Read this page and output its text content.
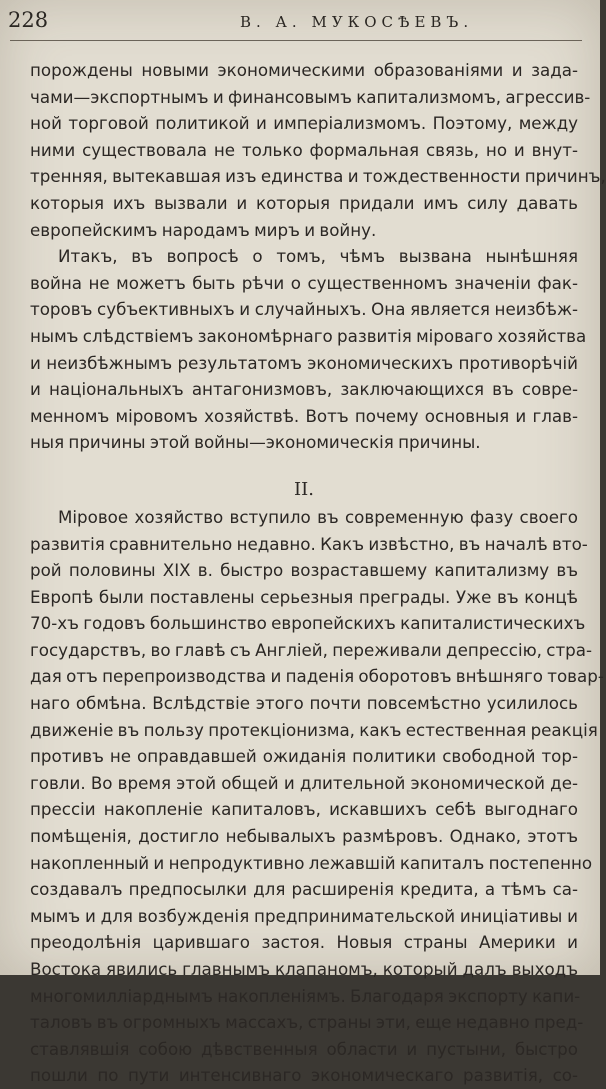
228	В. А. МУКОСѢЕВЪ.
порождены новыми экономическими образованіями и зада-
чами—экспортнымъ и финансовымъ капитализмомъ, агрессив-
ной торговой политикой и имперіализмомъ. Поэтому, между
ними существовала не только формальная связь, но и внут-
тренняя, вытекавшая изъ единства и тождественности причинъ,
которыя ихъ вызвали и которыя придали имъ силу давать
европейскимъ народамъ миръ и войну.
Итакъ, въ вопросѣ о томъ, чѣмъ вызвана нынѣшняя
война не можетъ быть рѣчи о существенномъ значеніи фак-
торовъ субъективныхъ и случайныхъ. Она является неизбѣж-
нымъ слѣдствіемъ закономѣрнаго развитія міроваго хозяйства
и неизбѣжнымъ результатомъ экономическихъ противорѣчій
и національныхъ антагонизмовъ, заключающихся въ совре-
менномъ міровомъ хозяйствѣ. Вотъ почему основныя и глав-
ныя причины этой войны—экономическія причины.
II.
Міровое хозяйство вступило въ современную фазу своего
развитія сравнительно недавно. Какъ извѣстно, въ началѣ вто-
рой половины XIX в. быстро возраставшему капитализму въ
Европѣ были поставлены серьезныя преграды. Уже въ концѣ
70-хъ годовъ большинство европейскихъ капиталистическихъ
государствъ, во главѣ съ Англіей, переживали депрессію, стра-
дая отъ перепроизводства и паденія оборотовъ внѣшняго товар-
наго обмѣна. Вслѣдствіе этого почти повсемѣстно усилилось
движеніе въ пользу протекціонизма, какъ естественная реакція
противъ не оправдавшей ожиданія политики свободной тор-
говли. Во время этой общей и длительной экономической де-
прессіи накопленіе капиталовъ, искавшихъ себѣ выгоднаго
помѣщенія, достигло небывалыхъ размѣровъ. Однако, этотъ
накопленный и непродуктивно лежавшій капиталъ постепенно
создавалъ предпосылки для расширенія кредита, а тѣмъ са-
мымъ и для возбужденія предпринимательской иниціативы и
преодолѣнія царившаго застоя. Новыя страны Америки и
Востока явились главнымъ клапаномъ, который далъ выходъ
многомилліарднымъ накопленіямъ. Благодаря экспорту капи-
таловъ въ огромныхъ массахъ, страны эти, еще недавно пред-
ставлявшія собою дѣвственныя области и пустыни, быстро
пошли по пути интенсивнаго экономическаго развитія, со-
